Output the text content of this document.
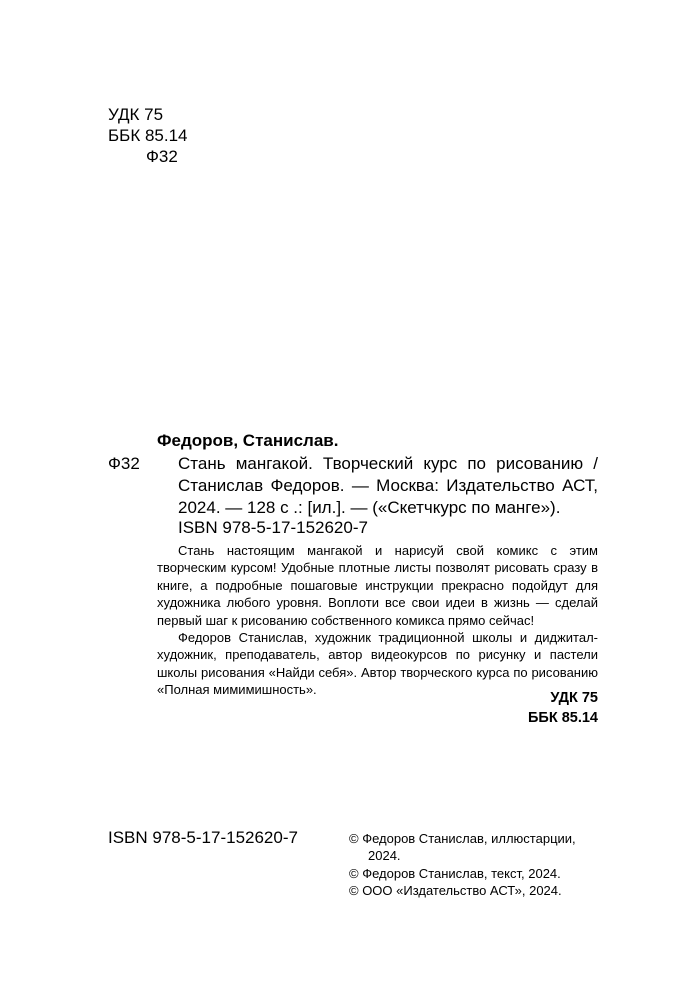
УДК 75
ББК 85.14
Ф32
Федоров, Станислав.
Ф32 Стань мангакой. Творческий курс по рисованию /
Станислав Федоров. — Москва: Издательство АСТ,
2024. — 128 с .: [ил.]. — («Скетчкурс по манге»).
ISBN 978-5-17-152620-7

Стань настоящим мангакой и нарисуй свой комикс с этим творческим курсом! Удобные плотные листы позволят рисовать сразу в книге, а подробные пошаговые инструкции прекрасно подойдут для художника любого уровня. Воплоти все свои идеи в жизнь — сделай первый шаг к рисованию собственного комикса прямо сейчас!

Федоров Станислав, художник традиционной школы и диджитал-художник, преподаватель, автор видеокурсов по рисунку и пастели школы рисования «Найди себя». Автор творческого курса по рисованию «Полная мимимишность».

УДК 75
ББК 85.14
ISBN 978-5-17-152620-7	© Федоров Станислав, иллюстарции, 2024.
© Федоров Станислав, текст, 2024.
© ООО «Издательство АСТ», 2024.
